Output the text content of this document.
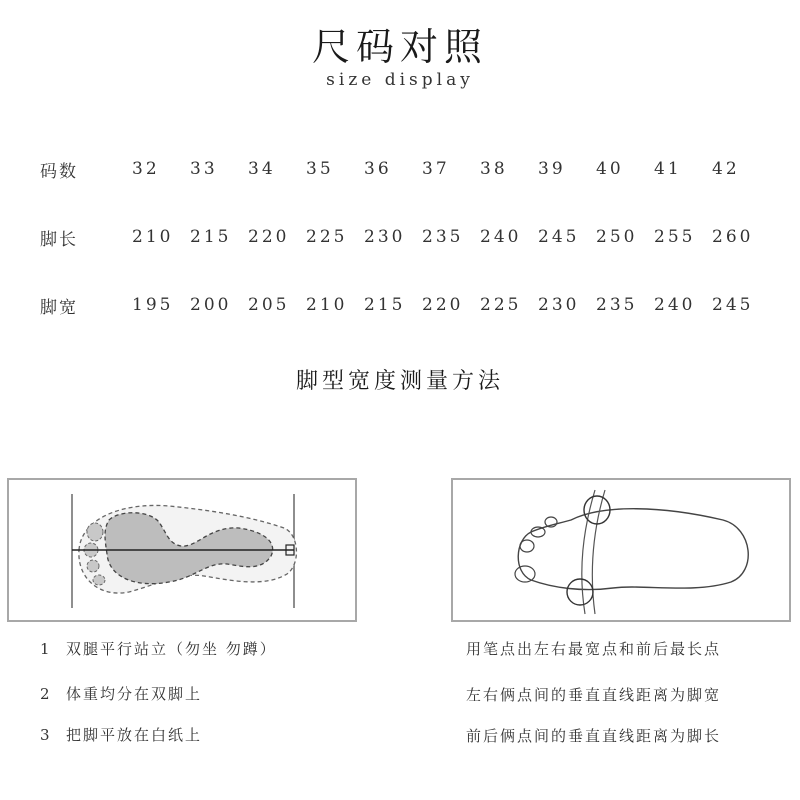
尺码对照
size display
码数	32	33	34	35	36	37	38	39	40	41	42
脚长	210	215	220	225	230	235	240	245	250	255	260
脚宽	195	200	205	210	215	220	225	230	235	240	245
脚型宽度测量方法
1 双腿平行站立（勿坐 勿蹲）
2 体重均分在双脚上
3 把脚平放在白纸上
用笔点出左右最宽点和前后最长点
左右俩点间的垂直直线距离为脚宽
前后俩点间的垂直直线距离为脚长
